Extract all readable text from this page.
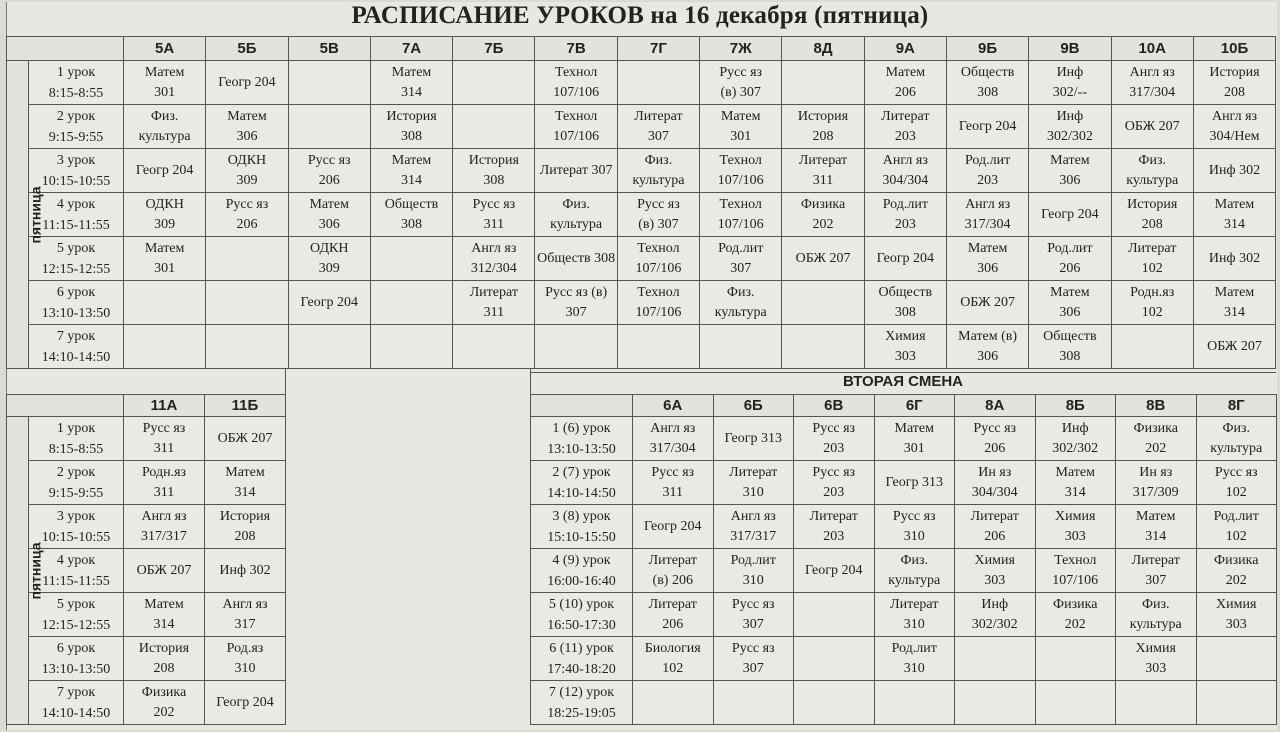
РАСПИСАНИЕ УРОКОВ на 16 декабря (пятница)
		5А	5Б	5В	7А	7Б	7В	7Г	7Ж	8Д	9А	9Б	9В	10А	10Б
пятница	1 урок
8:15-8:55	Матем
301	Геогр 204		Матем
314		Технол
107/106		Русс яз
(в) 307		Матем
206	Обществ
308	Инф
302/--	Англ яз
317/304	История
208

	2 урок
9:15-9:55	Физ.
культура	Матем
306		История
308		Технол
107/106	Литерат
307	Матем
301	История
208	Литерат
203	Геогр 204	Инф
302/302	ОБЖ 207	Англ яз
304/Нем

	3 урок
10:15-10:55	Геогр 204	ОДКН
309	Русс яз
206	Матем
314	История
308	Литерат 307	Физ.
культура	Технол
107/106	Литерат
311	Англ яз
304/304	Род.лит
203	Матем
306	Физ.
культура	Инф 302

	4 урок
11:15-11:55	ОДКН
309	Русс яз
206	Матем
306	Обществ
308	Русс яз
311	Физ.
культура	Русс яз
(в) 307	Технол
107/106	Физика
202	Род.лит
203	Англ яз
317/304	Геогр 204	История
208	Матем
314

	5 урок
12:15-12:55	Матем
301		ОДКН
309		Англ яз
312/304	Обществ 308	Технол
107/106	Род.лит
307	ОБЖ 207	Геогр 204	Матем
306	Род.лит
206	Литерат
102	Инф 302

	6 урок
13:10-13:50			Геогр 204		Литерат
311	Русс яз (в)
307	Технол
107/106	Физ.
культура		Обществ
308	ОБЖ 207	Матем
306	Родн.яз
102	Матем
314

	7 урок
14:10-14:50										Химия
303	Матем (в)
306	Обществ
308		ОБЖ 207
		11А	11Б
пятница	1 урок
8:15-8:55	Русс яз
311	ОБЖ 207

	2 урок
9:15-9:55	Родн.яз
311	Матем
314

	3 урок
10:15-10:55	Англ яз
317/317	История
208

	4 урок
11:15-11:55	ОБЖ 207	Инф 302

	5 урок
12:15-12:55	Матем
314	Англ яз
317

	6 урок
13:10-13:50	История
208	Род.яз
310

	7 урок
14:10-14:50	Физика
202	Геогр 204
ВТОРАЯ СМЕНА
	6А	6Б	6В	6Г	8А	8Б	8В	8Г

1 (6) урок
13:10-13:50	Англ яз
317/304	Геогр 313	Русс яз
203	Матем
301	Русс яз
206	Инф
302/302	Физика
202	Физ.
культура

2 (7) урок
14:10-14:50	Русс яз
311	Литерат
310	Русс яз
203	Геогр 313	Ин яз
304/304	Матем
314	Ин яз
317/309	Русс яз
102

3 (8) урок
15:10-15:50	Геогр 204	Англ яз
317/317	Литерат
203	Русс яз
310	Литерат
206	Химия
303	Матем
314	Род.лит
102

4 (9) урок
16:00-16:40	Литерат
(в) 206	Род.лит
310	Геогр 204	Физ.
культура	Химия
303	Технол
107/106	Литерат
307	Физика
202

5 (10) урок
16:50-17:30	Литерат
206	Русс яз
307		Литерат
310	Инф
302/302	Физика
202	Физ.
культура	Химия
303

6 (11) урок
17:40-18:20	Биология
102	Русс яз
307		Род.лит
310			Химия
303	

7 (12) урок
18:25-19:05								
